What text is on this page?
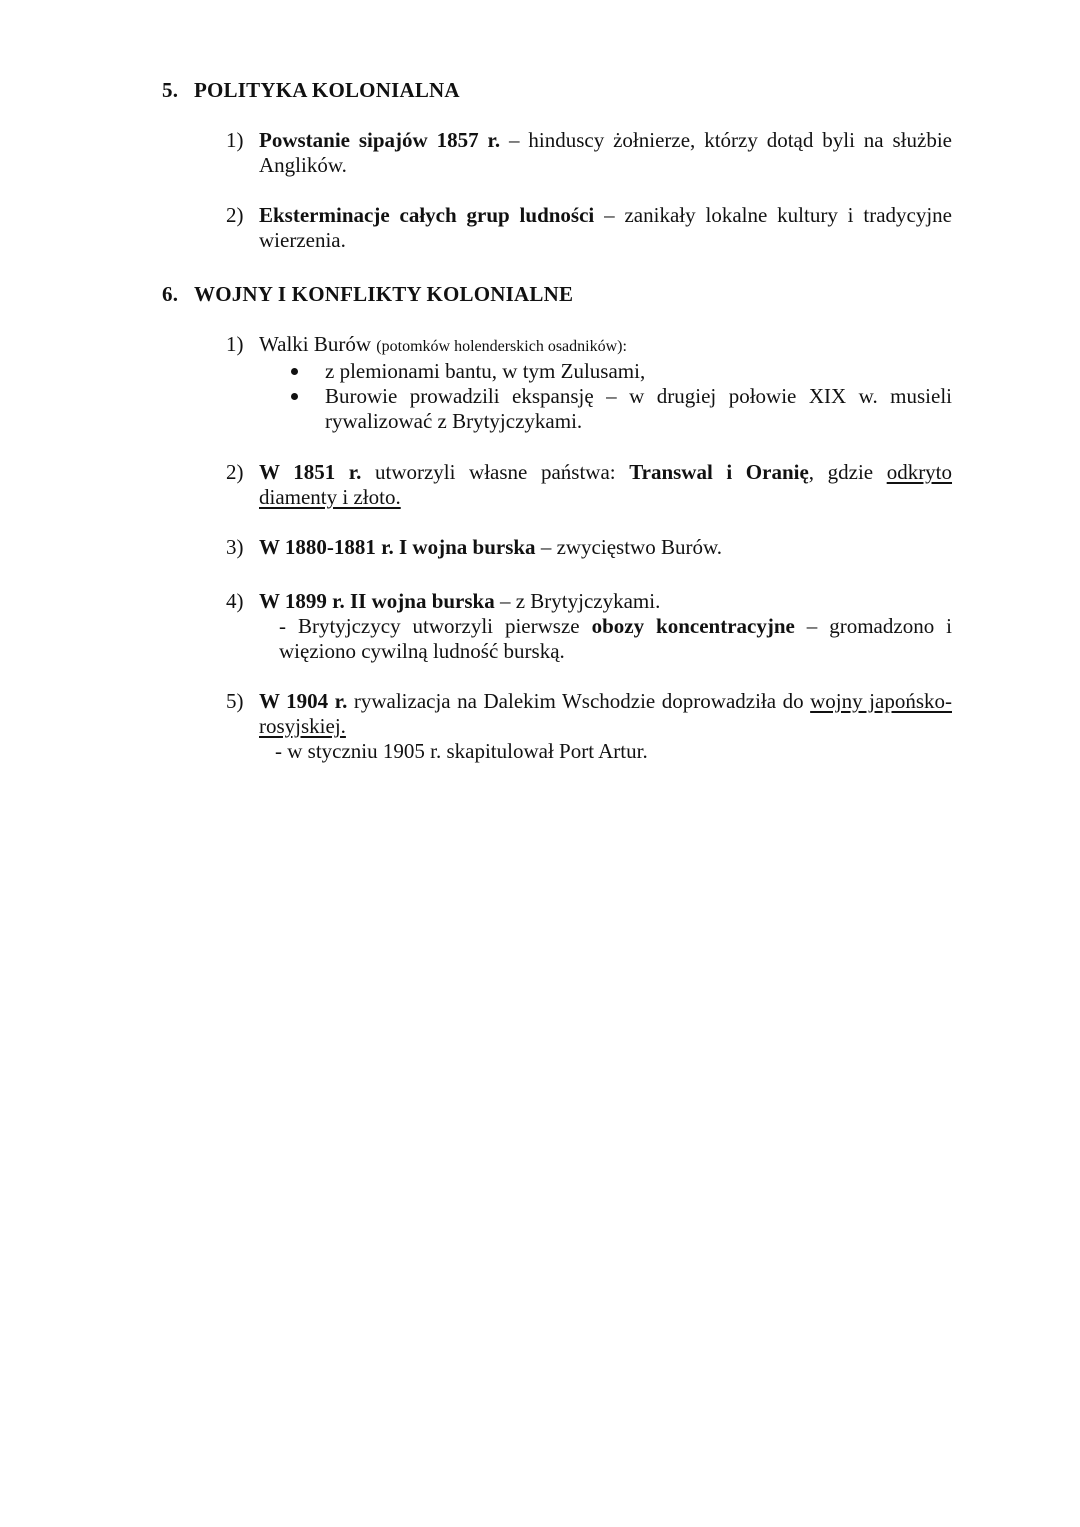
5. POLITYKA KOLONIALNA
1) Powstanie sipajów 1857 r. – hinduscy żołnierze, którzy dotąd byli na służbie Anglików.
2) Eksterminacje całych grup ludności – zanikały lokalne kultury i tradycyjne wierzenia.
6. WOJNY I KONFLIKTY KOLONIALNE
1) Walki Burów (potomków holenderskich osadników):
z plemionami bantu, w tym Zulusami,
Burowie prowadzili ekspansję – w drugiej połowie XIX w. musieli rywalizować z Brytyjczykami.
2) W 1851 r. utworzyli własne państwa: Transwal i Oranię, gdzie odkryto diamenty i złoto.
3) W 1880-1881 r. I wojna burska – zwycięstwo Burów.
4) W 1899 r. II wojna burska – z Brytyjczykami.
- Brytyjczycy utworzyli pierwsze obozy koncentracyjne – gromadzono i więziono cywilną ludność burską.
5) W 1904 r. rywalizacja na Dalekim Wschodzie doprowadziła do wojny japońsko-rosyjskiej.
- w styczniu 1905 r. skapitulował Port Artur.
